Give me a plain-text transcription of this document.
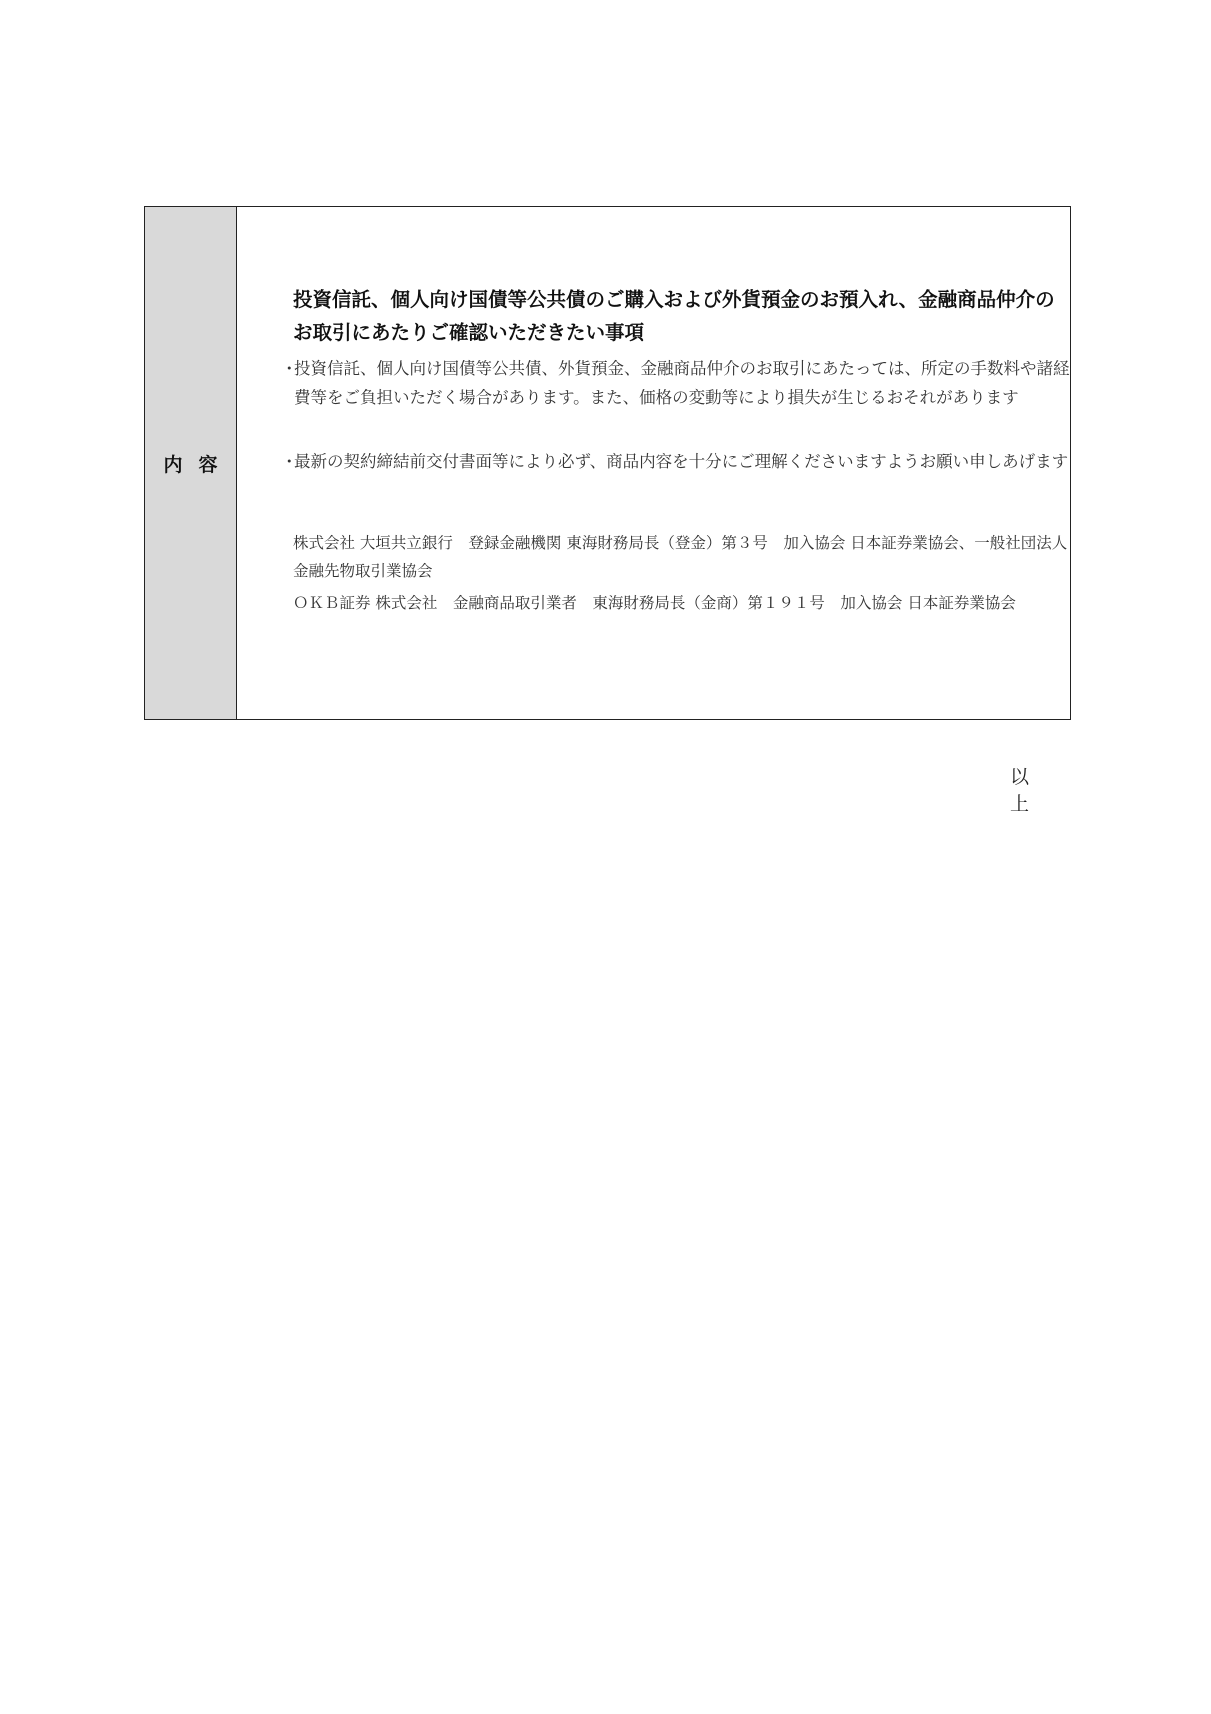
内容
投資信託、個人向け国債等公共債のご購入および外貨預金のお預入れ、金融商品仲介のお取引にあたりご確認いただきたい事項
・
投資信託、個人向け国債等公共債、外貨預金、金融商品仲介のお取引にあたっては、所定の手数料や諸経費等をご負担いただく場合があります。また、価格の変動等により損失が生じるおそれがあります
・
最新の契約締結前交付書面等により必ず、商品内容を十分にご理解くださいますようお願い申しあげます
株式会社 大垣共立銀行　登録金融機関 東海財務局長（登金）第３号　加入協会 日本証券業協会、一般社団法人 金融先物取引業協会
ＯＫＢ証券 株式会社　金融商品取引業者　東海財務局長（金商）第１９１号　加入協会 日本証券業協会
以上
